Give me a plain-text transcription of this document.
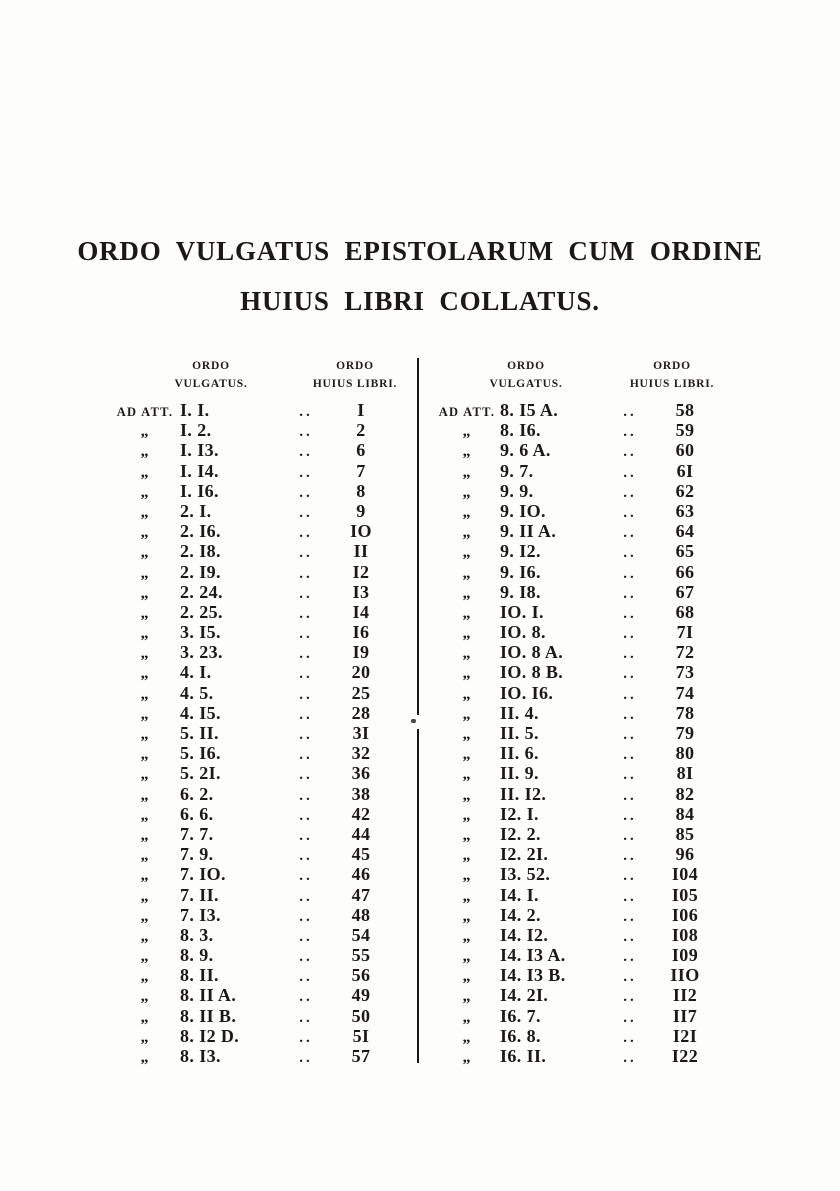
ORDO VULGATUS EPISTOLARUM CUM ORDINE
HUIUS LIBRI COLLATUS.
ORDO
VULGATUS.
ORDO
HUIUS LIBRI.
AD ATT. I. I.	..	I
„	I. 2.	..	2
„	I. I3.	..	6
„	I. I4.	..	7
„	I. I6.	..	8
„	2. I.	..	9
„	2. I6.	..	IO
„	2. I8.	..	II
„	2. I9.	..	I2
„	2. 24.	..	I3
„	2. 25.	..	I4
„	3. I5.	..	I6
„	3. 23.	..	I9
„	4. I.	..	20
„	4. 5.	..	25
„	4. I5.	..	28
„	5. II.	..	3I
„	5. I6.	..	32
„	5. 2I.	..	36
„	6. 2.	..	38
„	6. 6.	..	42
„	7. 7.	..	44
„	7. 9.	..	45
„	7. IO.	..	46
„	7. II.	..	47
„	7. I3.	..	48
„	8. 3.	..	54
„	8. 9.	..	55
„	8. II.	..	56
„	8. II A.	..	49
„	8. II B.	..	50
„	8. I2 D.	..	5I
„	8. I3.	..	57
ORDO
VULGATUS.
ORDO
HUIUS LIBRI.
AD ATT. 8. I5 A.	..	58
„	8. I6.	..	59
„	9. 6 A.	..	60
„	9. 7.	..	6I
„	9. 9.	..	62
„	9. IO.	..	63
„	9. II A.	..	64
„	9. I2.	..	65
„	9. I6.	..	66
„	9. I8.	..	67
„	IO. I.	..	68
„	IO. 8.	..	7I
„	IO. 8 A.	..	72
„	IO. 8 B.	..	73
„	IO. I6.	..	74
„	II. 4.	..	78
„	II. 5.	..	79
„	II. 6.	..	80
„	II. 9.	..	8I
„	II. I2.	..	82
„	I2. I.	..	84
„	I2. 2.	..	85
„	I2. 2I.	..	96
„	I3. 52.	..	I04
„	I4. I.	..	I05
„	I4. 2.	..	I06
„	I4. I2.	..	I08
„	I4. I3 A.	..	I09
„	I4. I3 B.	..	IIO
„	I4. 2I.	..	II2
„	I6. 7.	..	II7
„	I6. 8.	..	I2I
„	I6. II.	..	I22
